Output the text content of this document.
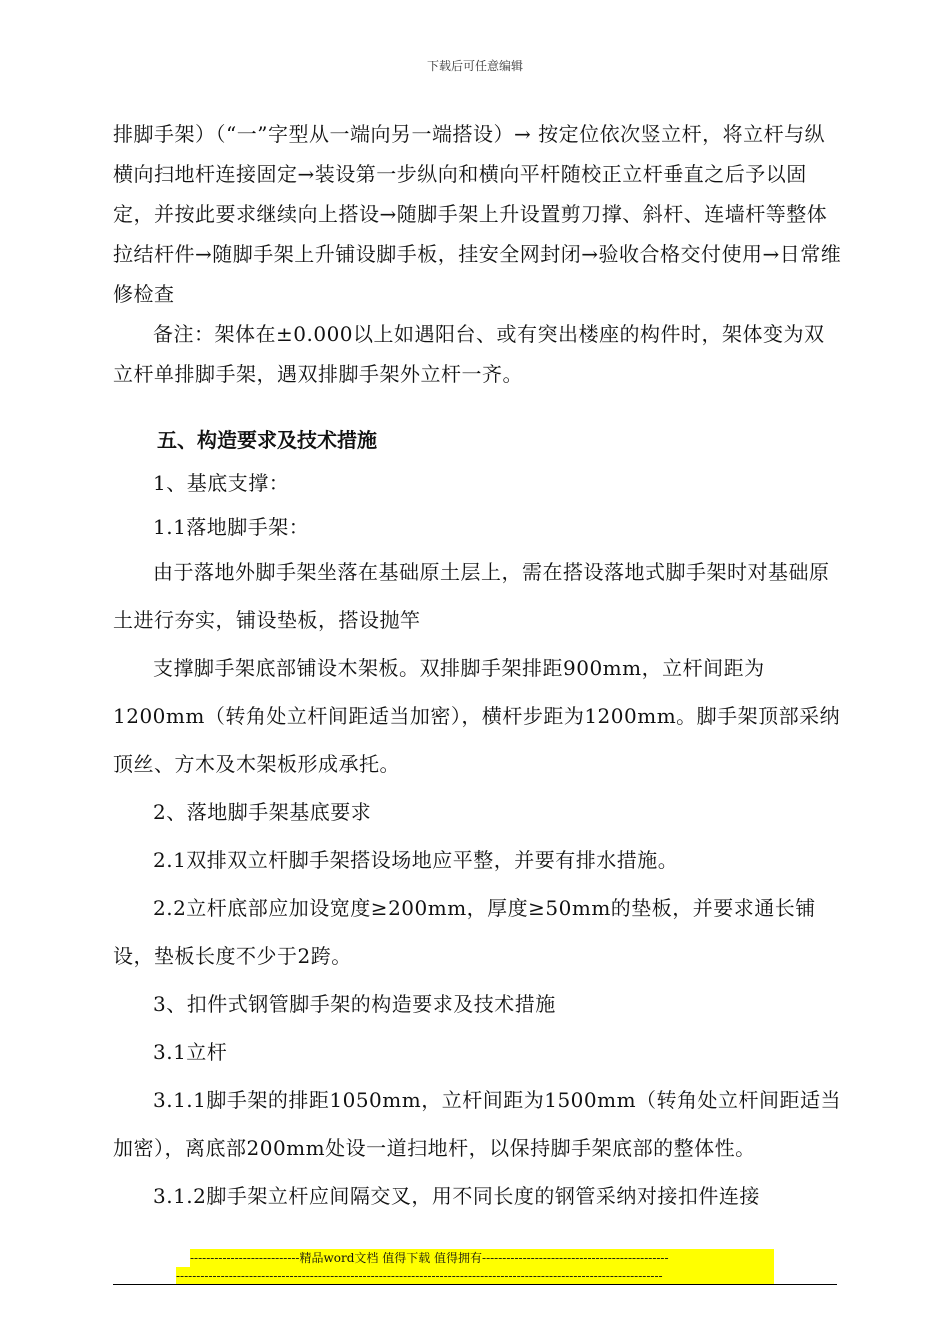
下载后可任意编辑

排脚手架）（“一”字型从一端向另一端搭设）→ 按定位依次竖立杆，将立杆与纵横向扫地杆连接固定→装设第一步纵向和横向平杆随校正立杆垂直之后予以固定，并按此要求继续向上搭设→随脚手架上升设置剪刀撑、斜杆、连墙杆等整体拉结杆件→随脚手架上升铺设脚手板，挂安全网封闭→验收合格交付使用→日常维修检查

备注：架体在±0.000以上如遇阳台、或有突出楼座的构件时，架体变为双立杆单排脚手架，遇双排脚手架外立杆一齐。

五、构造要求及技术措施

1、基底支撑：

1.1落地脚手架：

由于落地外脚手架坐落在基础原土层上，需在搭设落地式脚手架时对基础原土进行夯实，铺设垫板，搭设抛竿

支撑脚手架底部铺设木架板。双排脚手架排距900mm，立杆间距为1200mm（转角处立杆间距适当加密），横杆步距为1200mm。脚手架顶部采纳顶丝、方木及木架板形成承托。

2、落地脚手架基底要求

2.1双排双立杆脚手架搭设场地应平整，并要有排水措施。

2.2立杆底部应加设宽度≥200mm，厚度≥50mm的垫板，并要求通长铺设，垫板长度不少于2跨。

3、扣件式钢管脚手架的构造要求及技术措施

3.1立杆

3.1.1脚手架的排距1050mm，立杆间距为1500mm（转角处立杆间距适当加密），离底部200mm处设一道扫地杆，以保持脚手架底部的整体性。

3.1.2脚手架立杆应间隔交叉，用不同长度的钢管采纳对接扣件连接

---------------------------精品word文档 值得下载 值得拥有----------------------------------------------
------------------------------------------------------------------------------------------------------------------------
